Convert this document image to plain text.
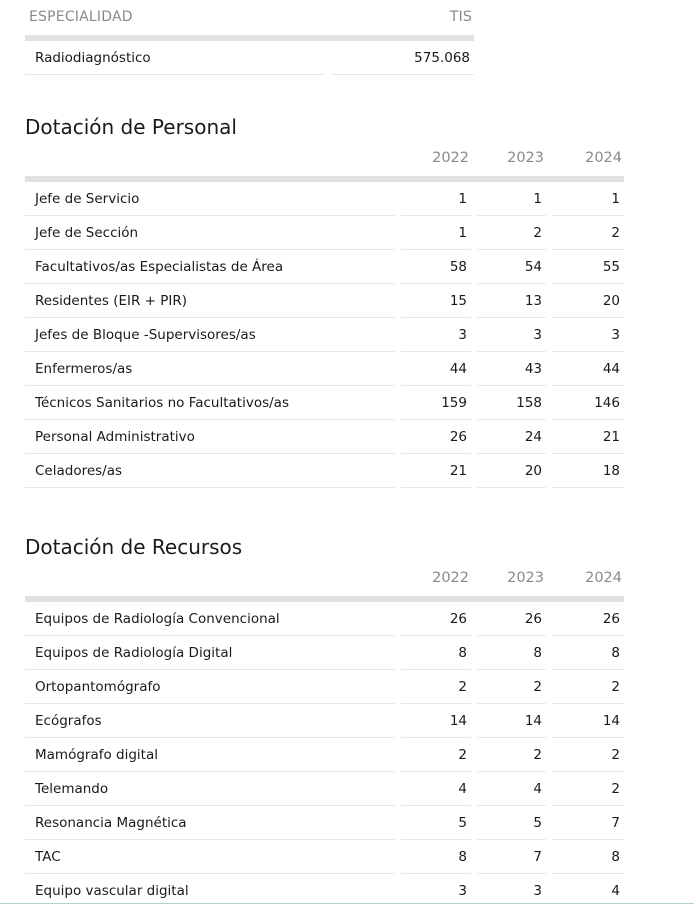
ESPECIALIDAD		TIS
Radiodiagnóstico		575.068
Dotación de Personal
		2022		2023		2024
Jefe de Servicio		1		1		1
Jefe de Sección		1		2		2
Facultativos/as Especialistas de Área		58		54		55
Residentes (EIR + PIR)		15		13		20
Jefes de Bloque -Supervisores/as		3		3		3
Enfermeros/as		44		43		44
Técnicos Sanitarios no Facultativos/as		159		158		146
Personal Administrativo		26		24		21
Celadores/as		21		20		18
Dotación de Recursos
		2022		2023		2024
Equipos de Radiología Convencional		26		26		26
Equipos de Radiología Digital		8		8		8
Ortopantomógrafo		2		2		2
Ecógrafos		14		14		14
Mamógrafo digital		2		2		2
Telemando		4		4		2
Resonancia Magnética		5		5		7
TAC		8		7		8
Equipo vascular digital		3		3		4
